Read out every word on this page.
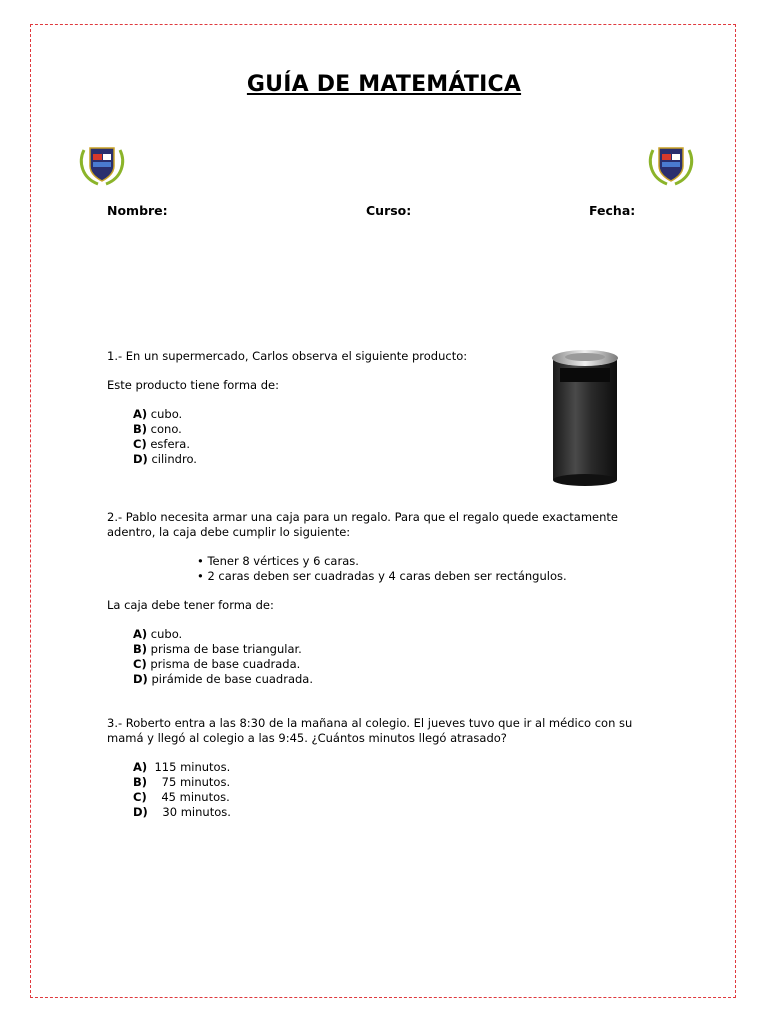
GUÍA DE MATEMÁTICA
Nombre:	Curso:	Fecha:
1.- En un supermercado, Carlos observa el siguiente producto:
Este producto tiene forma de:
A) cubo.
B) cono.
C) esfera.
D) cilindro.
2.- Pablo necesita armar una caja para un regalo. Para que el regalo quede exactamente
adentro, la caja debe cumplir lo siguiente:
• Tener 8 vértices y 6 caras.
• 2 caras deben ser cuadradas y 4 caras deben ser rectángulos.
La caja debe tener forma de:
A) cubo.
B) prisma de base triangular.
C) prisma de base cuadrada.
D) pirámide de base cuadrada.
3.- Roberto entra a las 8:30 de la mañana al colegio. El jueves tuvo que ir al médico con su
mamá y llegó al colegio a las 9:45. ¿Cuántos minutos llegó atrasado?
A)  115 minutos.
B)    75 minutos.
C)    45 minutos.
D)    30 minutos.
